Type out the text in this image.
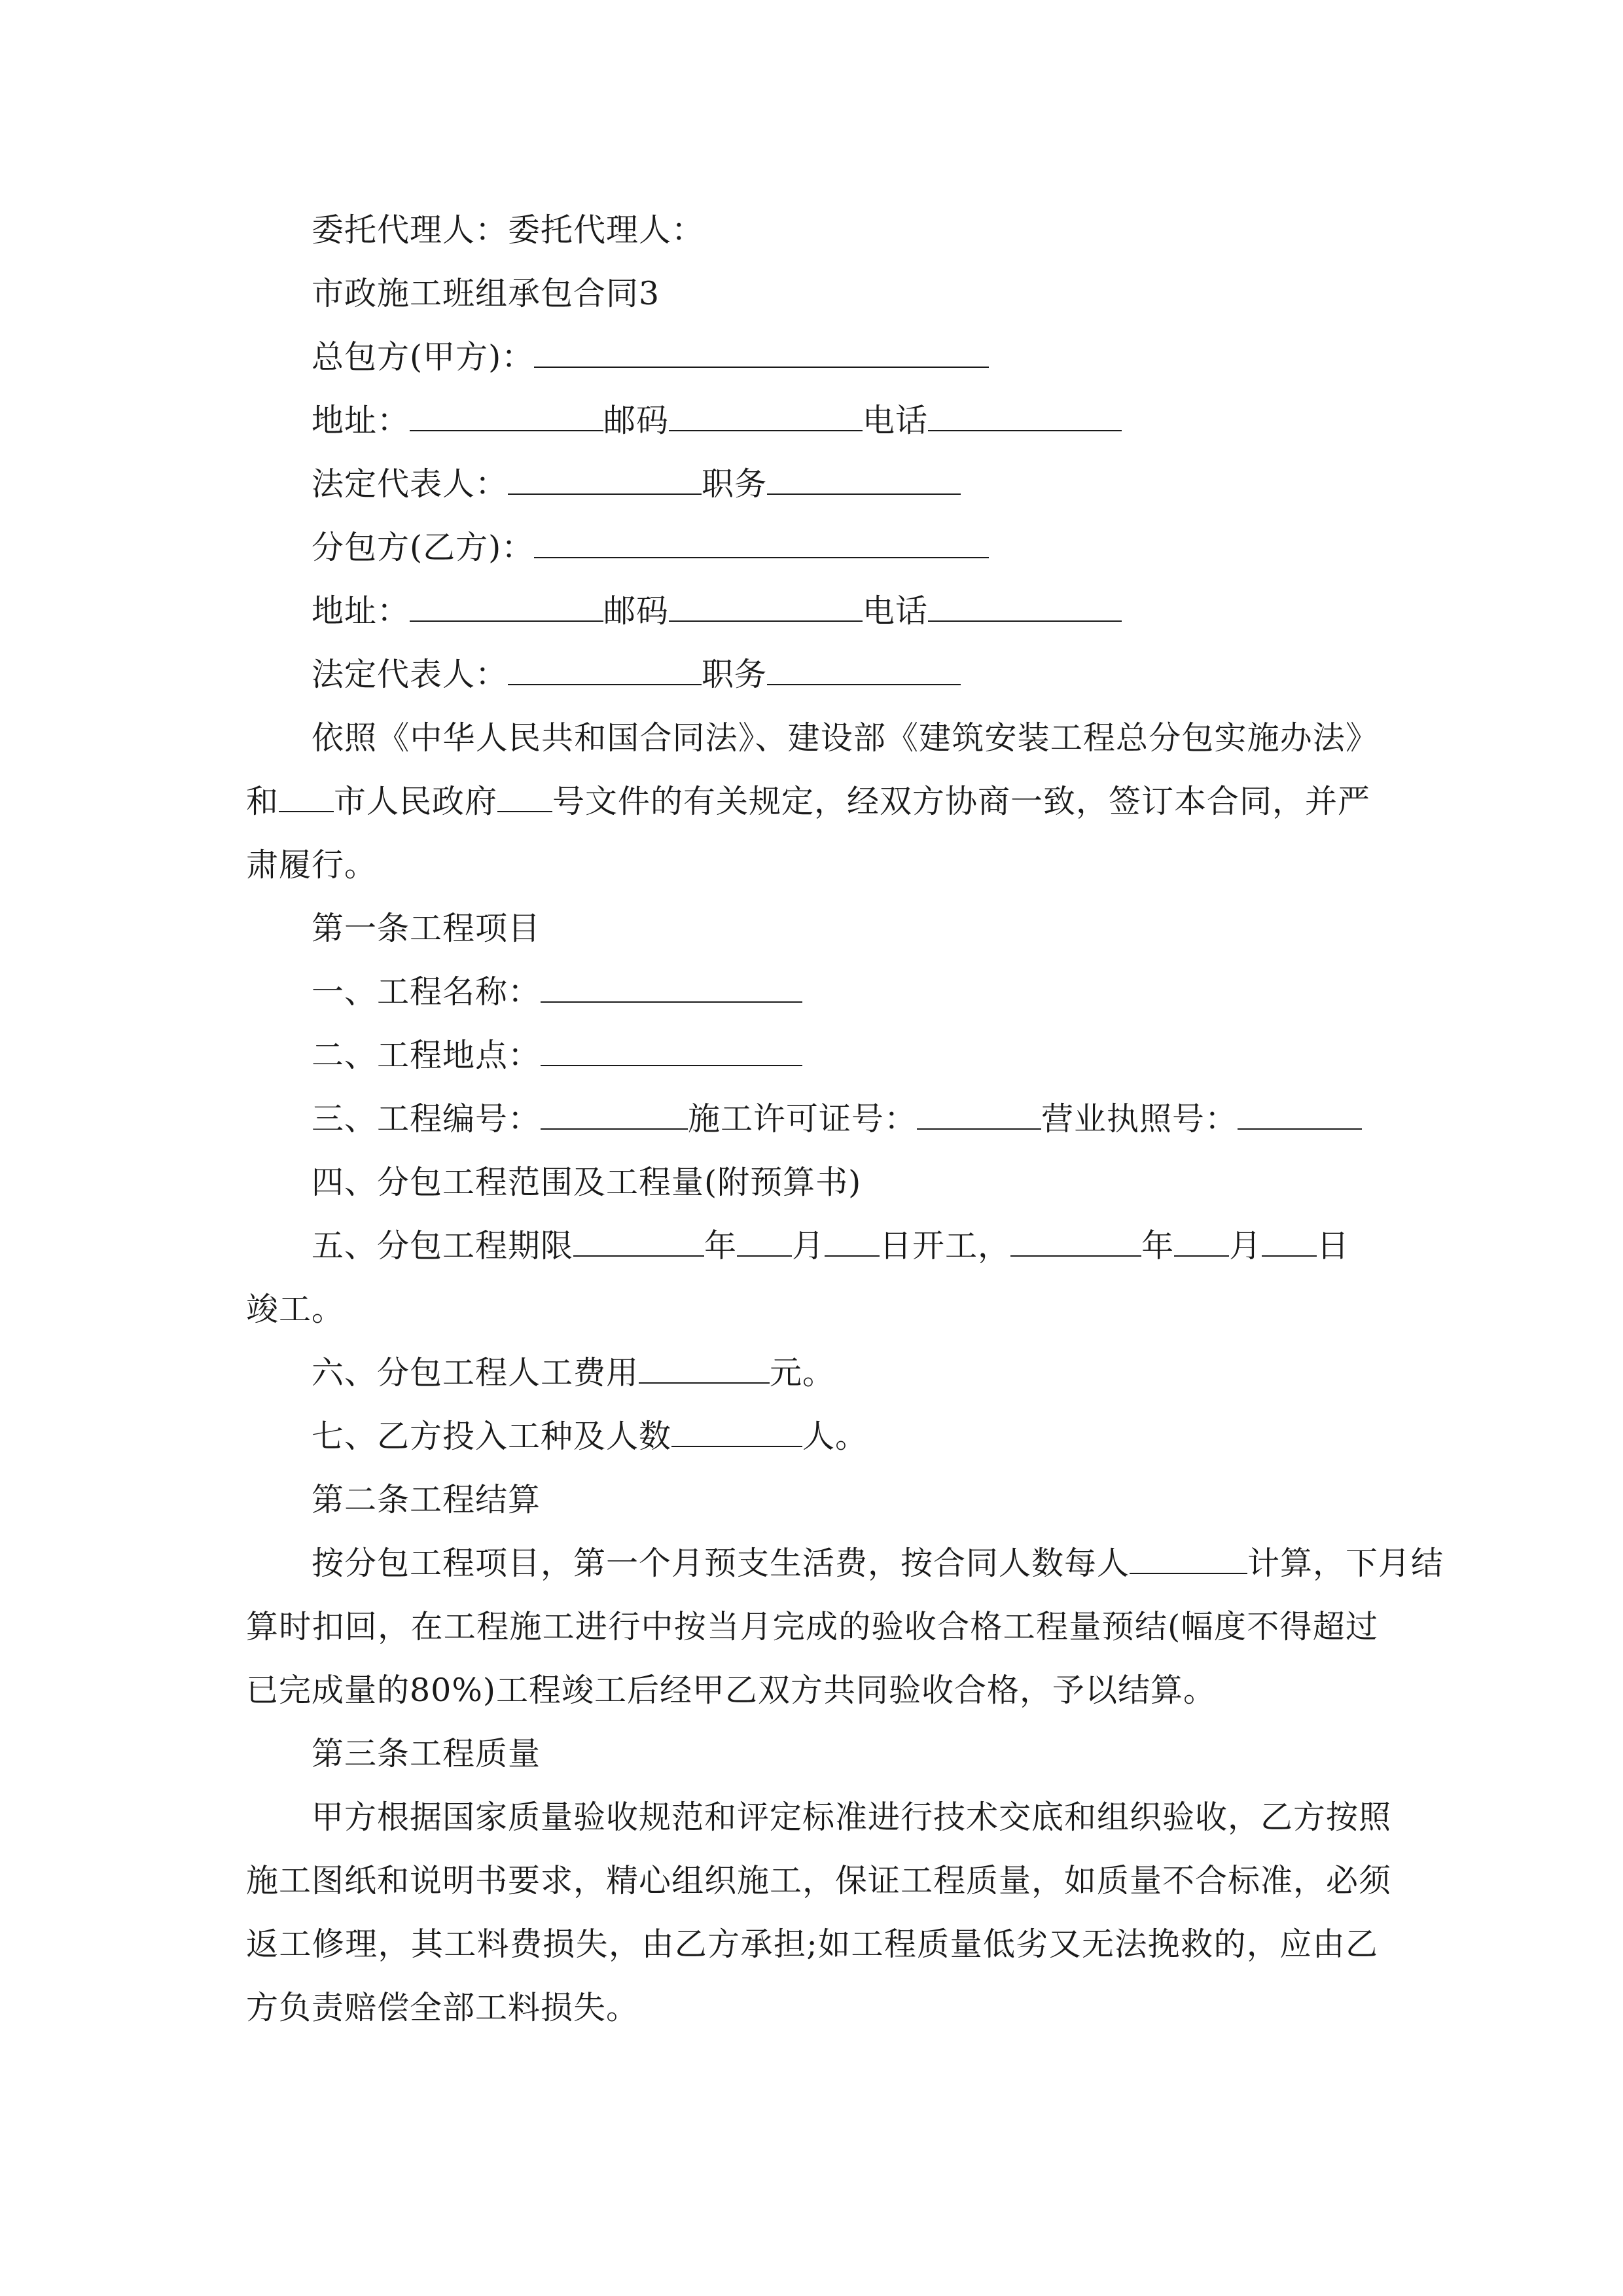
委托代理人：委托代理人：
市政施工班组承包合同3
总包方(甲方)：
地址：	邮码	电话
法定代表人：	职务
分包方(乙方)：
地址：	邮码	电话
法定代表人：	职务
依照《中华人民共和国合同法》、建设部《建筑安装工程总分包实施办法》
和 市人民政府 号文件的有关规定，经双方协商一致，签订本合同，并严
肃履行。
第一条工程项目
一、工程名称：
二、工程地点：
三、工程编号：	施工许可证号：	营业执照号：
四、分包工程范围及工程量(附预算书)
五、分包工程期限	年 月 日开工，	年 月 日
竣工。
六、分包工程人工费用	元。
七、乙方投入工种及人数	人。
第二条工程结算
按分包工程项目，第一个月预支生活费，按合同人数每人	计算，下月结
算时扣回，在工程施工进行中按当月完成的验收合格工程量预结(幅度不得超过
已完成量的80%)工程竣工后经甲乙双方共同验收合格，予以结算。
第三条工程质量
甲方根据国家质量验收规范和评定标准进行技术交底和组织验收，乙方按照
施工图纸和说明书要求，精心组织施工，保证工程质量，如质量不合标准，必须
返工修理，其工料费损失，由乙方承担;如工程质量低劣又无法挽救的，应由乙
方负责赔偿全部工料损失。
